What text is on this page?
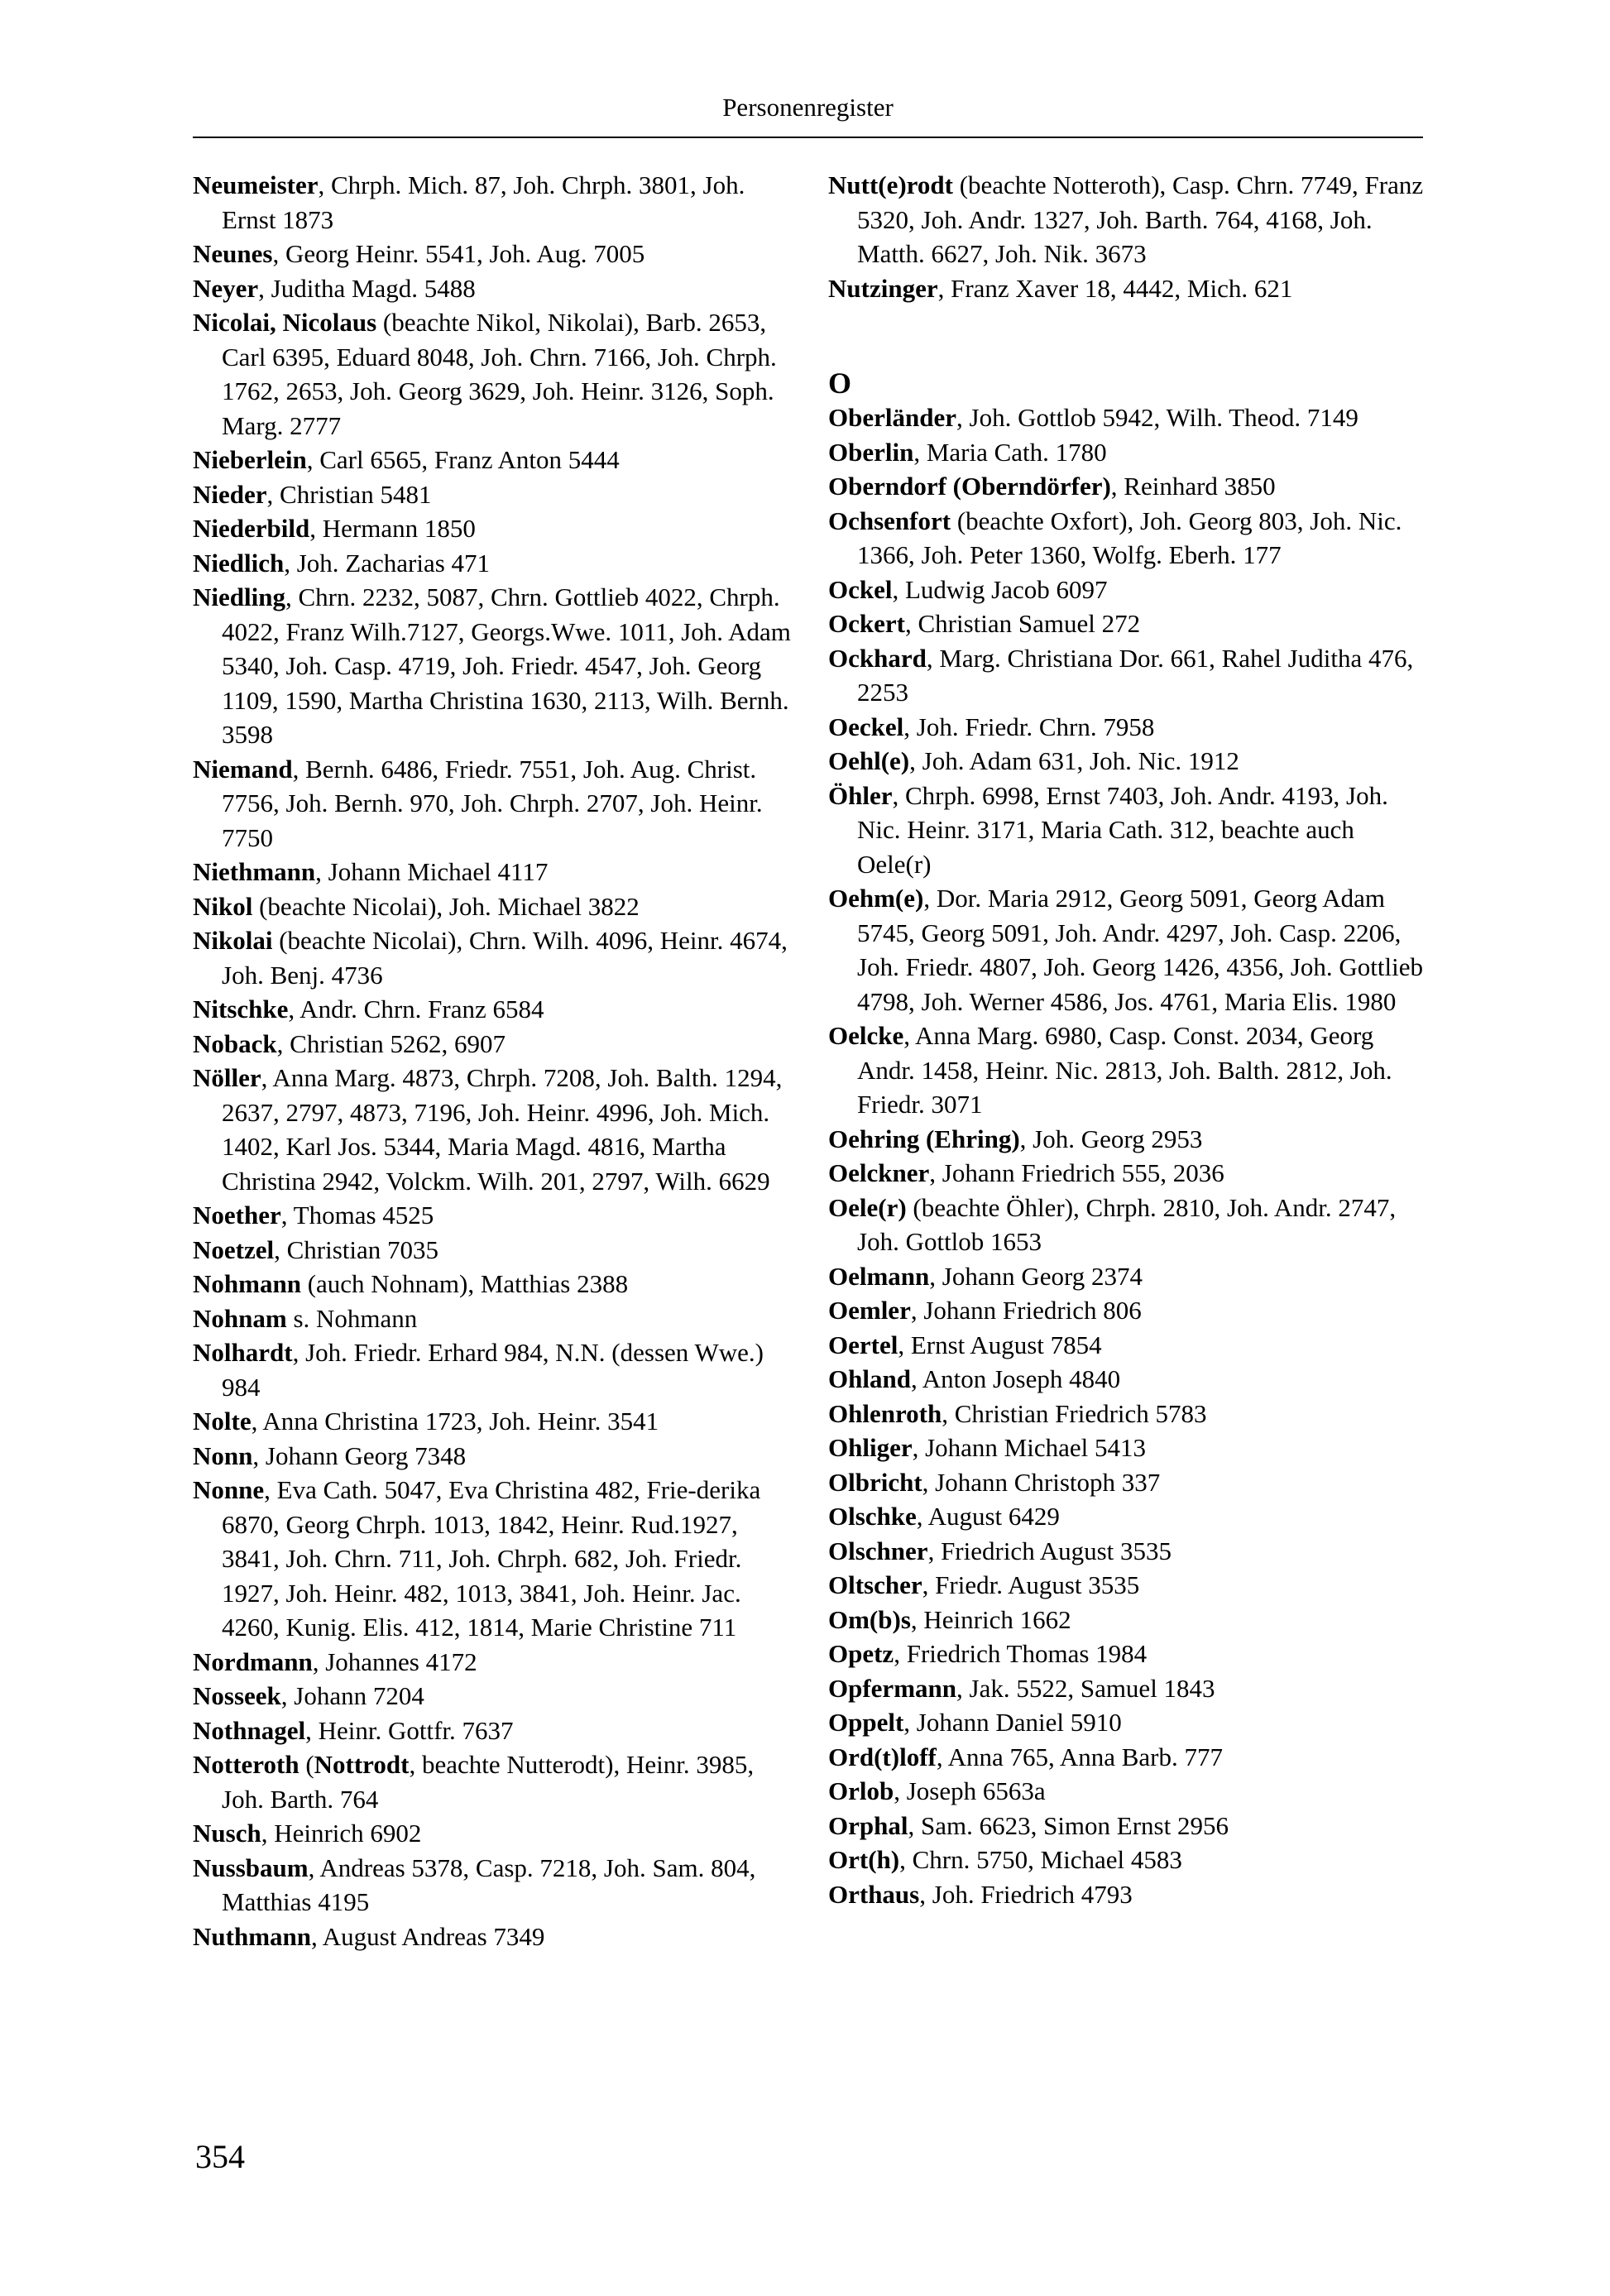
Personenregister

Neumeister, Chrph. Mich. 87, Joh. Chrph. 3801, Joh. Ernst 1873

Neunes, Georg Heinr. 5541, Joh. Aug. 7005

Neyer, Juditha Magd. 5488

Nicolai, Nicolaus (beachte Nikol, Nikolai), Barb. 2653, Carl 6395, Eduard 8048, Joh. Chrn. 7166, Joh. Chrph. 1762, 2653, Joh. Georg 3629, Joh. Heinr. 3126, Soph. Marg. 2777

Nieberlein, Carl 6565, Franz Anton 5444

Nieder, Christian 5481

Niederbild, Hermann 1850

Niedlich, Joh. Zacharias 471

Niedling, Chrn. 2232, 5087, Chrn. Gottlieb 4022, Chrph. 4022, Franz Wilh.7127, Georgs.Wwe. 1011, Joh. Adam 5340, Joh. Casp. 4719, Joh. Friedr. 4547, Joh. Georg 1109, 1590, Martha Christina 1630, 2113, Wilh. Bernh. 3598

Niemand, Bernh. 6486, Friedr. 7551, Joh. Aug. Christ. 7756, Joh. Bernh. 970, Joh. Chrph. 2707, Joh. Heinr. 7750

Niethmann, Johann Michael 4117

Nikol (beachte Nicolai), Joh. Michael 3822

Nikolai (beachte Nicolai), Chrn. Wilh. 4096, Heinr. 4674, Joh. Benj. 4736

Nitschke, Andr. Chrn. Franz 6584

Noback, Christian 5262, 6907

Nöller, Anna Marg. 4873, Chrph. 7208, Joh. Balth. 1294, 2637, 2797, 4873, 7196, Joh. Heinr. 4996, Joh. Mich. 1402, Karl Jos. 5344, Maria Magd. 4816, Martha Christina 2942, Volckm. Wilh. 201, 2797, Wilh. 6629

Noether, Thomas 4525

Noetzel, Christian 7035

Nohmann (auch Nohnam), Matthias 2388

Nohnam s. Nohmann

Nolhardt, Joh. Friedr. Erhard 984, N.N. (dessen Wwe.) 984

Nolte, Anna Christina 1723, Joh. Heinr. 3541

Nonn, Johann Georg 7348

Nonne, Eva Cath. 5047, Eva Christina 482, Frie-derika 6870, Georg Chrph. 1013, 1842, Heinr. Rud.1927, 3841, Joh. Chrn. 711, Joh. Chrph. 682, Joh. Friedr. 1927, Joh. Heinr. 482, 1013, 3841, Joh. Heinr. Jac. 4260, Kunig. Elis. 412, 1814, Marie Christine 711

Nordmann, Johannes 4172

Nosseek, Johann 7204

Nothnagel, Heinr. Gottfr. 7637

Notteroth (Nottrodt, beachte Nutterodt), Heinr. 3985, Joh. Barth. 764

Nusch, Heinrich 6902

Nussbaum, Andreas 5378, Casp. 7218, Joh. Sam. 804, Matthias 4195

Nuthmann, August Andreas 7349

Nutt(e)rodt (beachte Notteroth), Casp. Chrn. 7749, Franz 5320, Joh. Andr. 1327, Joh. Barth. 764, 4168, Joh. Matth. 6627, Joh. Nik. 3673

Nutzinger, Franz Xaver 18, 4442, Mich. 621

O

Oberländer, Joh. Gottlob 5942, Wilh. Theod. 7149

Oberlin, Maria Cath. 1780

Oberndorf (Oberndörfer), Reinhard 3850

Ochsenfort (beachte Oxfort), Joh. Georg 803, Joh. Nic. 1366, Joh. Peter 1360, Wolfg. Eberh. 177

Ockel, Ludwig Jacob 6097

Ockert, Christian Samuel 272

Ockhard, Marg. Christiana Dor. 661, Rahel Juditha 476, 2253

Oeckel, Joh. Friedr. Chrn. 7958

Oehl(e), Joh. Adam 631, Joh. Nic. 1912

Öhler, Chrph. 6998, Ernst 7403, Joh. Andr. 4193, Joh. Nic. Heinr. 3171, Maria Cath. 312, beachte auch Oele(r)

Oehm(e), Dor. Maria 2912, Georg 5091, Georg Adam 5745, Georg 5091, Joh. Andr. 4297, Joh. Casp. 2206, Joh. Friedr. 4807, Joh. Georg 1426, 4356, Joh. Gottlieb 4798, Joh. Werner 4586, Jos. 4761, Maria Elis. 1980

Oelcke, Anna Marg. 6980, Casp. Const. 2034, Georg Andr. 1458, Heinr. Nic. 2813, Joh. Balth. 2812, Joh. Friedr. 3071

Oehring (Ehring), Joh. Georg 2953

Oelckner, Johann Friedrich 555, 2036

Oele(r) (beachte Öhler), Chrph. 2810, Joh. Andr. 2747, Joh. Gottlob 1653

Oelmann, Johann Georg 2374

Oemler, Johann Friedrich 806

Oertel, Ernst August 7854

Ohland, Anton Joseph 4840

Ohlenroth, Christian Friedrich 5783

Ohliger, Johann Michael 5413

Olbricht, Johann Christoph 337

Olschke, August 6429

Olschner, Friedrich August 3535

Oltscher, Friedr. August 3535

Om(b)s, Heinrich 1662

Opetz, Friedrich Thomas 1984

Opfermann, Jak. 5522, Samuel 1843

Oppelt, Johann Daniel 5910

Ord(t)loff, Anna 765, Anna Barb. 777

Orlob, Joseph 6563a

Orphal, Sam. 6623, Simon Ernst 2956

Ort(h), Chrn. 5750, Michael 4583

Orthaus, Joh. Friedrich 4793

354
